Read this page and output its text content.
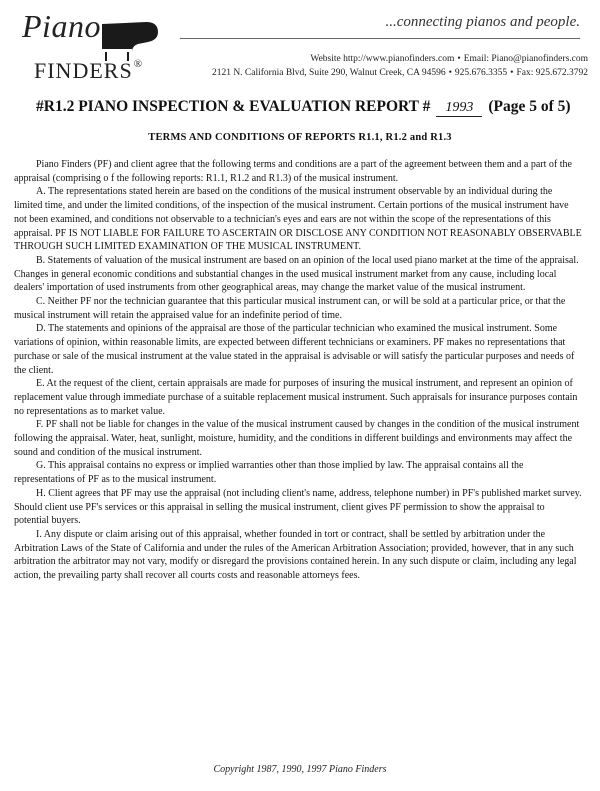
Piano
FINDERS®
...connecting pianos and people.
Website http://www.pianofinders.com • Email: Piano@pianofinders.com
2121 N. California Blvd, Suite 290, Walnut Creek, CA 94596 • 925.676.3355 • Fax: 925.672.3792
#R1.2 PIANO INSPECTION & EVALUATION REPORT # 1993 (Page 5 of 5)
TERMS AND CONDITIONS OF REPORTS R1.1, R1.2 and R1.3

Piano Finders (PF) and client agree that the following terms and conditions are a part of the agreement between them and a part of the appraisal (comprising o f the following reports: R1.1, R1.2 and R1.3) of the musical instrument.

A. The representations stated herein are based on the conditions of the musical instrument observable by an individual during the limited time, and under the limited conditions, of the inspection of the musical instrument. Certain portions of the musical instrument have not been examined, and conditions not observable to a technician's eyes and ears are not within the scope of the representations of this appraisal. PF IS NOT LIABLE FOR FAILURE TO ASCERTAIN OR DISCLOSE ANY CONDITION NOT REASONABLY OBSERVABLE THROUGH SUCH LIMITED EXAMINATION OF THE MUSICAL INSTRUMENT.

B. Statements of valuation of the musical instrument are based on an opinion of the local used piano market at the time of the appraisal. Changes in general economic conditions and substantial changes in the used musical instrument market from any cause, including local dealers' importation of used instruments from other geographical areas, may change the market value of the musical instrument.

C. Neither PF nor the technician guarantee that this particular musical instrument can, or will be sold at a particular price, or that the musical instrument will retain the appraised value for an indefinite period of time.

D. The statements and opinions of the appraisal are those of the particular technician who examined the musical instrument. Some variations of opinion, within reasonable limits, are expected between different technicians or examiners. PF makes no representations that purchase or sale of the musical instrument at the value stated in the appraisal is advisable or will satisfy the particular purposes and needs of the client.

E. At the request of the client, certain appraisals are made for purposes of insuring the musical instrument, and represent an opinion of replacement value through immediate purchase of a suitable replacement musical instrument. Such appraisals for insurance purposes contain no representations as to market value.

F. PF shall not be liable for changes in the value of the musical instrument caused by changes in the condition of the musical instrument following the appraisal. Water, heat, sunlight, moisture, humidity, and the conditions in different buildings and environments may affect the sound and condition of the musical instrument.

G. This appraisal contains no express or implied warranties other than those implied by law. The appraisal contains all the representations of PF as to the musical instrument.

H. Client agrees that PF may use the appraisal (not including client's name, address, telephone number) in PF's published market survey. Should client use PF's services or this appraisal in selling the musical instrument, client gives PF permission to show the appraisal to potential buyers.

I. Any dispute or claim arising out of this appraisal, whether founded in tort or contract, shall be settled by arbitration under the Arbitration Laws of the State of California and under the rules of the American Arbitration Association; provided, however, that in any such arbitration the arbitrator may not vary, modify or disregard the provisions contained herein. In any such dispute or claim, including any legal action, the prevailing party shall recover all courts costs and reasonable attorneys fees.

Copyright 1987, 1990, 1997 Piano Finders
